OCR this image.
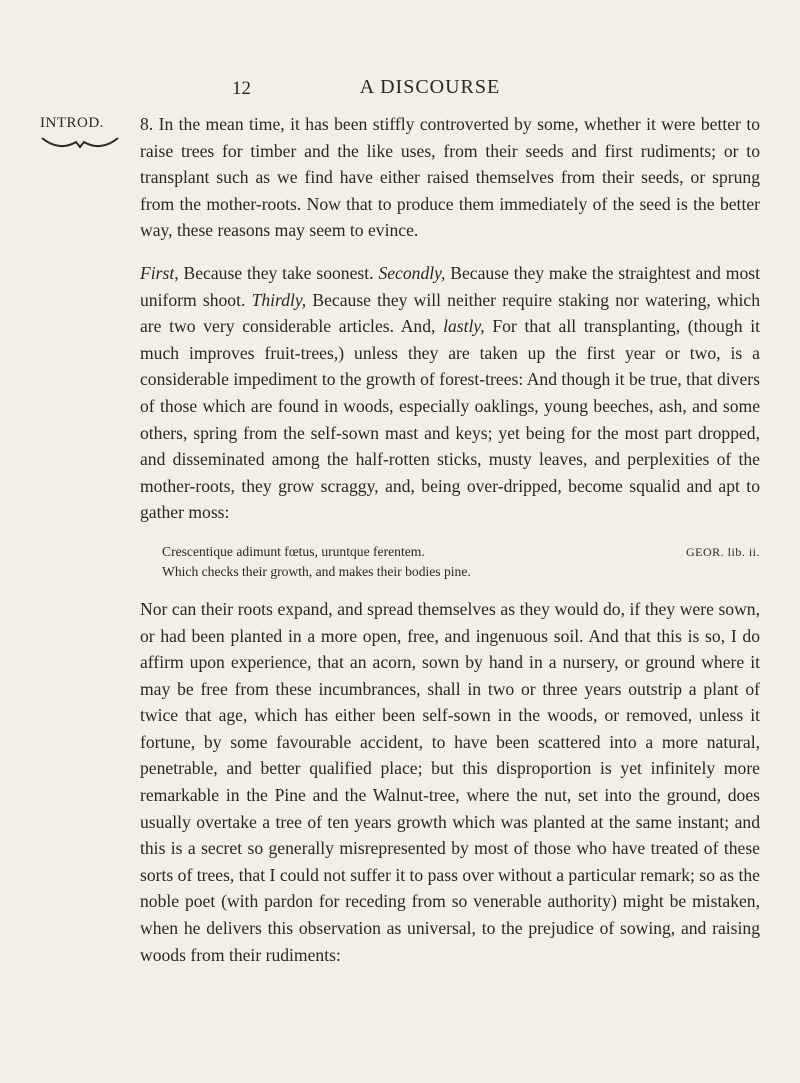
12	A DISCOURSE
INTROD. 8. In the mean time, it has been stiffly controverted by some, whether it were better to raise trees for timber and the like uses, from their seeds and first rudiments; or to transplant such as we find have either raised themselves from their seeds, or sprung from the mother-roots. Now that to produce them immediately of the seed is the better way, these reasons may seem to evince.

First, Because they take soonest. Secondly, Because they make the straightest and most uniform shoot. Thirdly, Because they will neither require staking nor watering, which are two very considerable articles. And, lastly, For that all transplanting, (though it much improves fruit-trees,) unless they are taken up the first year or two, is a considerable impediment to the growth of forest-trees: And though it be true, that divers of those which are found in woods, especially oaklings, young beeches, ash, and some others, spring from the self-sown mast and keys; yet being for the most part dropped, and disseminated among the half-rotten sticks, musty leaves, and perplexities of the mother-roots, they grow scraggy, and, being over-dripped, become squalid and apt to gather moss:

Crescentique adimunt fœtus, uruntque ferentem.	GEOR. lib. ii.
Which checks their growth, and makes their bodies pine.

Nor can their roots expand, and spread themselves as they would do, if they were sown, or had been planted in a more open, free, and ingenuous soil. And that this is so, I do affirm upon experience, that an acorn, sown by hand in a nursery, or ground where it may be free from these incumbrances, shall in two or three years outstrip a plant of twice that age, which has either been self-sown in the woods, or removed, unless it fortune, by some favourable accident, to have been scattered into a more natural, penetrable, and better qualified place; but this disproportion is yet infinitely more remarkable in the Pine and the Walnut-tree, where the nut, set into the ground, does usually overtake a tree of ten years growth which was planted at the same instant; and this is a secret so generally misrepresented by most of those who have treated of these sorts of trees, that I could not suffer it to pass over without a particular remark; so as the noble poet (with pardon for receding from so venerable authority) might be mistaken, when he delivers this observation as universal, to the prejudice of sowing, and raising woods from their rudiments:
